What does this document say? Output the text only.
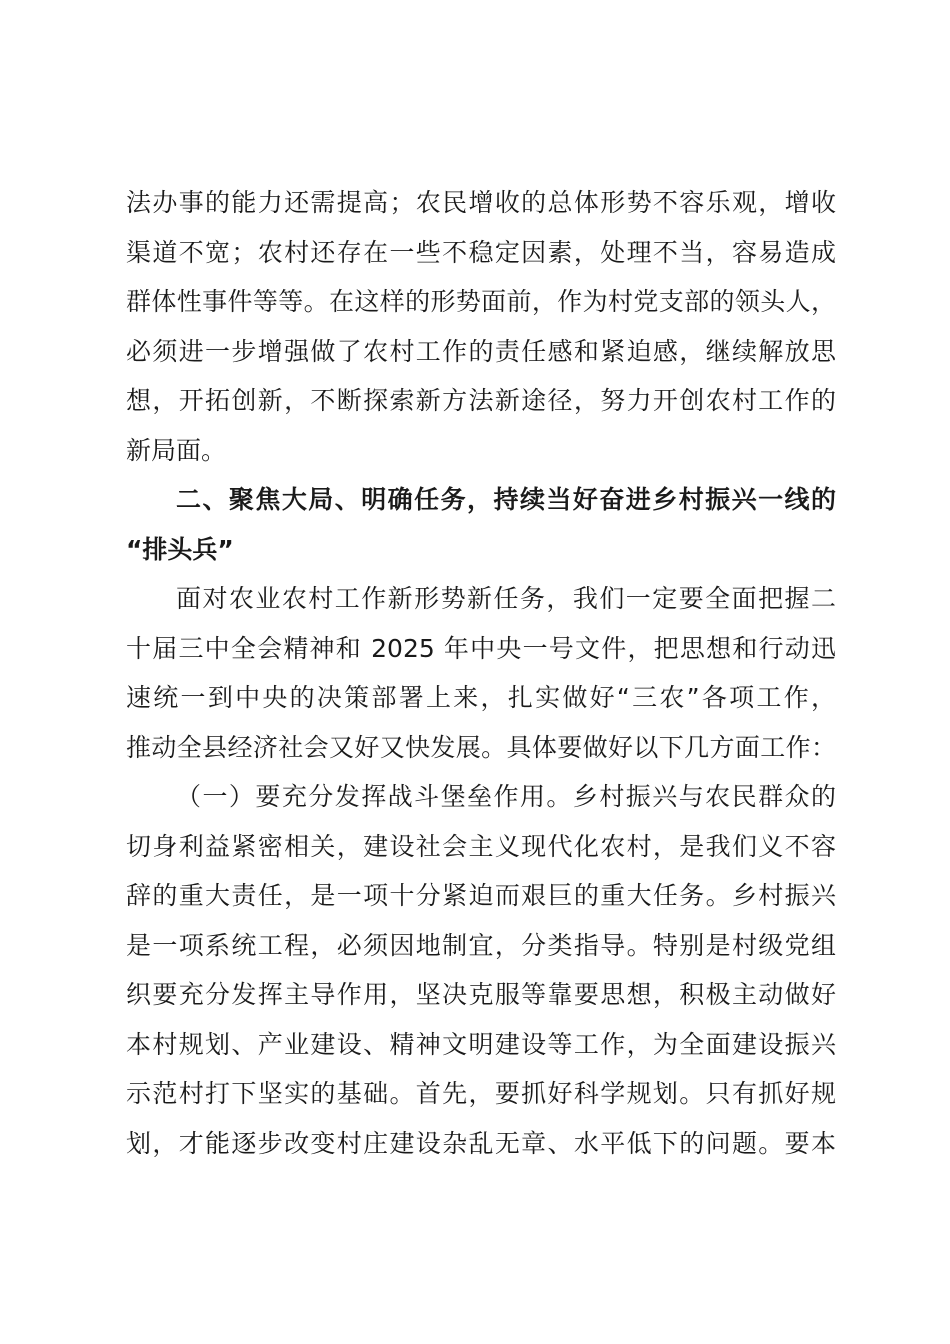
法办事的能力还需提高；农民增收的总体形势不容乐观，增收
渠道不宽；农村还存在一些不稳定因素，处理不当，容易造成
群体性事件等等。在这样的形势面前，作为村党支部的领头人，
必须进一步增强做了农村工作的责任感和紧迫感，继续解放思
想，开拓创新，不断探索新方法新途径，努力开创农村工作的
新局面。
二、聚焦大局、明确任务，持续当好奋进乡村振兴一线的
“排头兵”
面对农业农村工作新形势新任务，我们一定要全面把握二
十届三中全会精神和 2025 年中央一号文件，把思想和行动迅
速统一到中央的决策部署上来，扎实做好“三农”各项工作，
推动全县经济社会又好又快发展。具体要做好以下几方面工作：
（一）要充分发挥战斗堡垒作用。乡村振兴与农民群众的
切身利益紧密相关，建设社会主义现代化农村，是我们义不容
辞的重大责任，是一项十分紧迫而艰巨的重大任务。乡村振兴
是一项系统工程，必须因地制宜，分类指导。特别是村级党组
织要充分发挥主导作用，坚决克服等靠要思想，积极主动做好
本村规划、产业建设、精神文明建设等工作，为全面建设振兴
示范村打下坚实的基础。首先，要抓好科学规划。只有抓好规
划，才能逐步改变村庄建设杂乱无章、水平低下的问题。要本
